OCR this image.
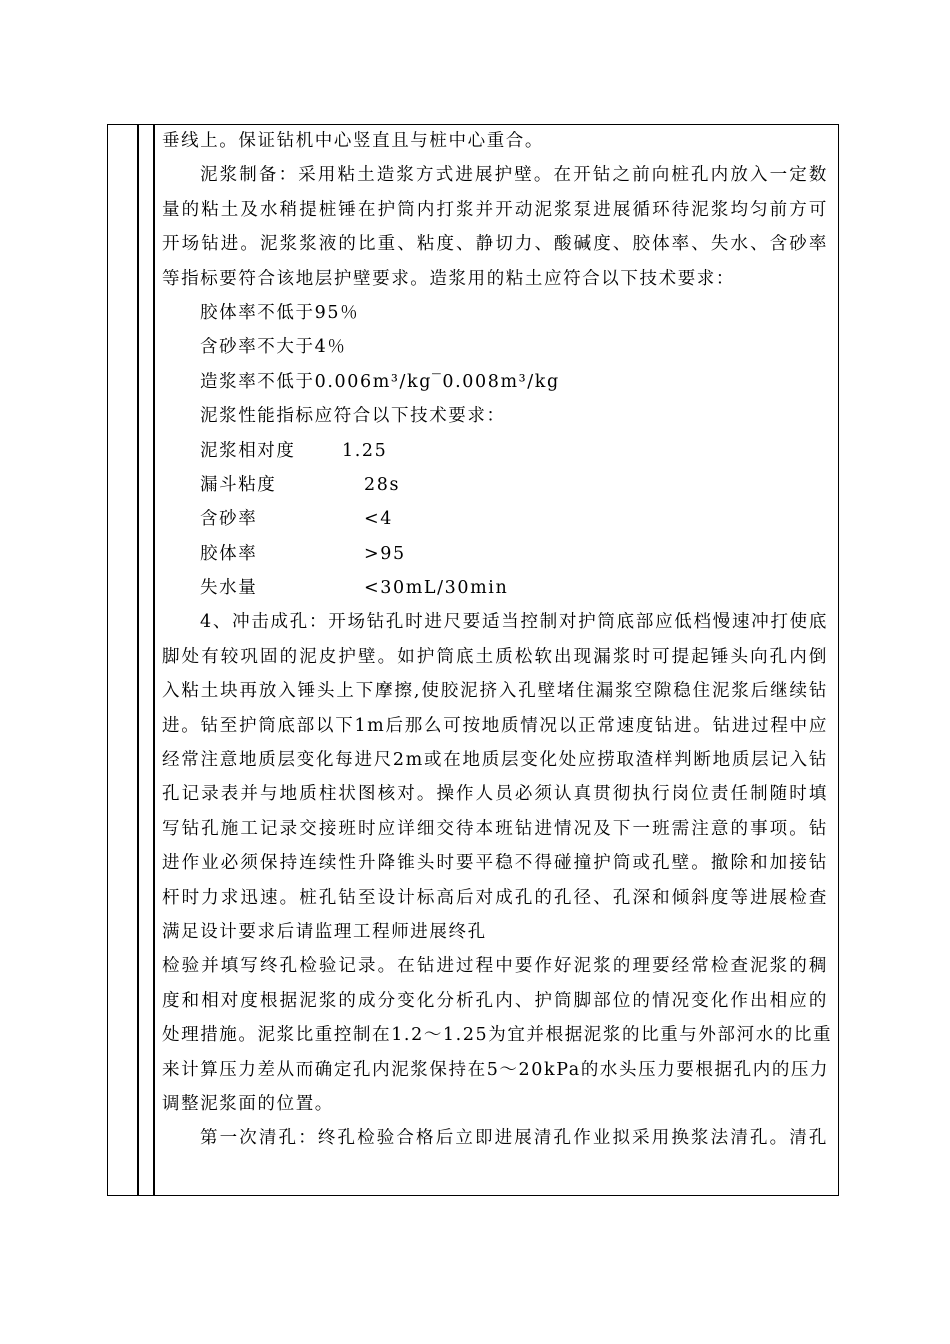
垂线上。保证钻机中心竖直且与桩中心重合。
泥浆制备：采用粘土造浆方式进展护壁。在开钻之前向桩孔内放入一定数
量的粘土及水稍提桩锤在护筒内打浆并开动泥浆泵进展循环待泥浆均匀前方可
开场钻进。泥浆浆液的比重、粘度、静切力、酸碱度、胶体率、失水、含砂率
等指标要符合该地层护壁要求。造浆用的粘土应符合以下技术要求：
胶体率不低于95％
含砂率不大于4％
造浆率不低于0.006m³/kg‾0.008m³/kg
泥浆性能指标应符合以下技术要求：
泥浆相对度	1.25
漏斗粘度	28s
含砂率	<4
胶体率	>95
失水量	<30mL/30min
4、冲击成孔：开场钻孔时进尺要适当控制对护筒底部应低档慢速冲打使底
脚处有较巩固的泥皮护壁。如护筒底土质松软出现漏浆时可提起锤头向孔内倒
入粘土块再放入锤头上下摩擦,使胶泥挤入孔壁堵住漏浆空隙稳住泥浆后继续钻
进。钻至护筒底部以下1m后那么可按地质情况以正常速度钻进。钻进过程中应
经常注意地质层变化每进尺2m或在地质层变化处应捞取渣样判断地质层记入钻
孔记录表并与地质柱状图核对。操作人员必须认真贯彻执行岗位责任制随时填
写钻孔施工记录交接班时应详细交待本班钻进情况及下一班需注意的事项。钻
进作业必须保持连续性升降锥头时要平稳不得碰撞护筒或孔壁。撤除和加接钻
杆时力求迅速。桩孔钻至设计标高后对成孔的孔径、孔深和倾斜度等进展检查
满足设计要求后请监理工程师进展终孔
检验并填写终孔检验记录。在钻进过程中要作好泥浆的理要经常检查泥浆的稠
度和相对度根据泥浆的成分变化分析孔内、护筒脚部位的情况变化作出相应的
处理措施。泥浆比重控制在1.2～1.25为宜并根据泥浆的比重与外部河水的比重
来计算压力差从而确定孔内泥浆保持在5～20kPa的水头压力要根据孔内的压力
调整泥浆面的位置。
第一次清孔：终孔检验合格后立即进展清孔作业拟采用换浆法清孔。清孔
